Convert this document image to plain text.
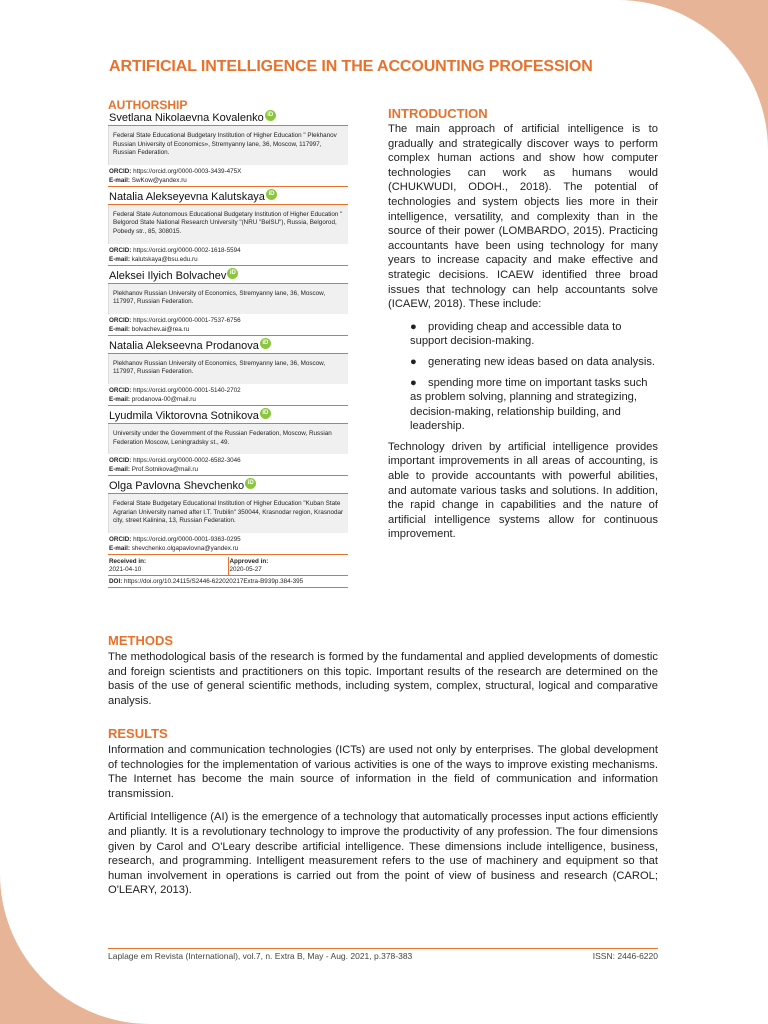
ARTIFICIAL INTELLIGENCE IN THE ACCOUNTING PROFESSION
AUTHORSHIP
Svetlana Nikolaevna Kovalenko iD
Federal State Educational Budgetary Institution of Higher Education " Plekhanov Russian University of Economics», Stremyanny lane, 36, Moscow, 117997, Russian Federation.
ORCID: https://orcid.org/0000-0003-3439-475X
E-mail: SwKow@yandex.ru
Natalia Alekseyevna Kalutskaya iD
Federal State Autonomous Educational Budgetary Institution of Higher Education " Belgorod State National Research University "(NRU "BelSU"), Russia, Belgorod, Pobedy str., 85, 308015.
ORCID: https://orcid.org/0000-0002-1618-5594
E-mail: kalutskaya@bsu.edu.ru
Aleksei Ilyich Bolvachev iD
Plekhanov Russian University of Economics, Stremyanny lane, 36, Moscow, 117997, Russian Federation.
ORCID: https://orcid.org/0000-0001-7537-6756
E-mail: bolvachev.ai@rea.ru
Natalia Alekseevna Prodanova iD
Plekhanov Russian University of Economics, Stremyanny lane, 36, Moscow, 117997, Russian Federation.
ORCID: https://orcid.org/0000-0001-5140-2702
E-mail: prodanova-00@mail.ru
Lyudmila Viktorovna Sotnikova iD
University under the Government of the Russian Federation, Moscow, Russian Federation Moscow, Leningradsky st., 49.
ORCID: https://orcid.org/0000-0002-6582-3046
E-mail: Prof.Sotnikova@mail.ru
Olga Pavlovna Shevchenko iD
Federal State Budgetary Educational Institution of Higher Education "Kuban State Agrarian University named after I.T. Trubilin" 350044, Krasnodar region, Krasnodar city, street Kalinina, 13, Russian Federation.
ORCID: https://orcid.org/0000-0001-9363-0295
E-mail: shevchenko.olgapavlovna@yandex.ru
Received in:
2021-04-10
Approved in:
2020-05-27
DOI: https://doi.org/10.24115/S2446-622020217Extra-B939p.384-395
INTRODUCTION

The main approach of artificial intelligence is to gradually and strategically discover ways to perform complex human actions and show how computer technologies can work as humans would (CHUKWUDI, ODOH., 2018). The potential of technologies and system objects lies more in their intelligence, versatility, and complexity than in the source of their power (LOMBARDO, 2015). Practicing accountants have been using technology for many years to increase capacity and make effective and strategic decisions. ICAEW identified three broad issues that technology can help accountants solve (ICAEW, 2018). These include:

● providing cheap and accessible data to support decision-making.
● generating new ideas based on data analysis.
● spending more time on important tasks such as problem solving, planning and strategizing, decision-making, relationship building, and leadership.

Technology driven by artificial intelligence provides important improvements in all areas of accounting, is able to provide accountants with powerful abilities, and automate various tasks and solutions. In addition, the rapid change in capabilities and the nature of artificial intelligence systems allow for continuous improvement.

METHODS

The methodological basis of the research is formed by the fundamental and applied developments of domestic and foreign scientists and practitioners on this topic. Important results of the research are determined on the basis of the use of general scientific methods, including system, complex, structural, logical and comparative analysis.

RESULTS

Information and communication technologies (ICTs) are used not only by enterprises. The global development of technologies for the implementation of various activities is one of the ways to improve existing mechanisms. The Internet has become the main source of information in the field of communication and information transmission.

Artificial Intelligence (AI) is the emergence of a technology that automatically processes input actions efficiently and pliantly. It is a revolutionary technology to improve the productivity of any profession. The four dimensions given by Carol and O'Leary describe artificial intelligence. These dimensions include intelligence, business, research, and programming. Intelligent measurement refers to the use of machinery and equipment so that human involvement in operations is carried out from the point of view of business and research (CAROL; O'LEARY, 2013).

Laplage em Revista (International), vol.7, n. Extra B, May - Aug. 2021, p.378-383	ISSN: 2446-6220
